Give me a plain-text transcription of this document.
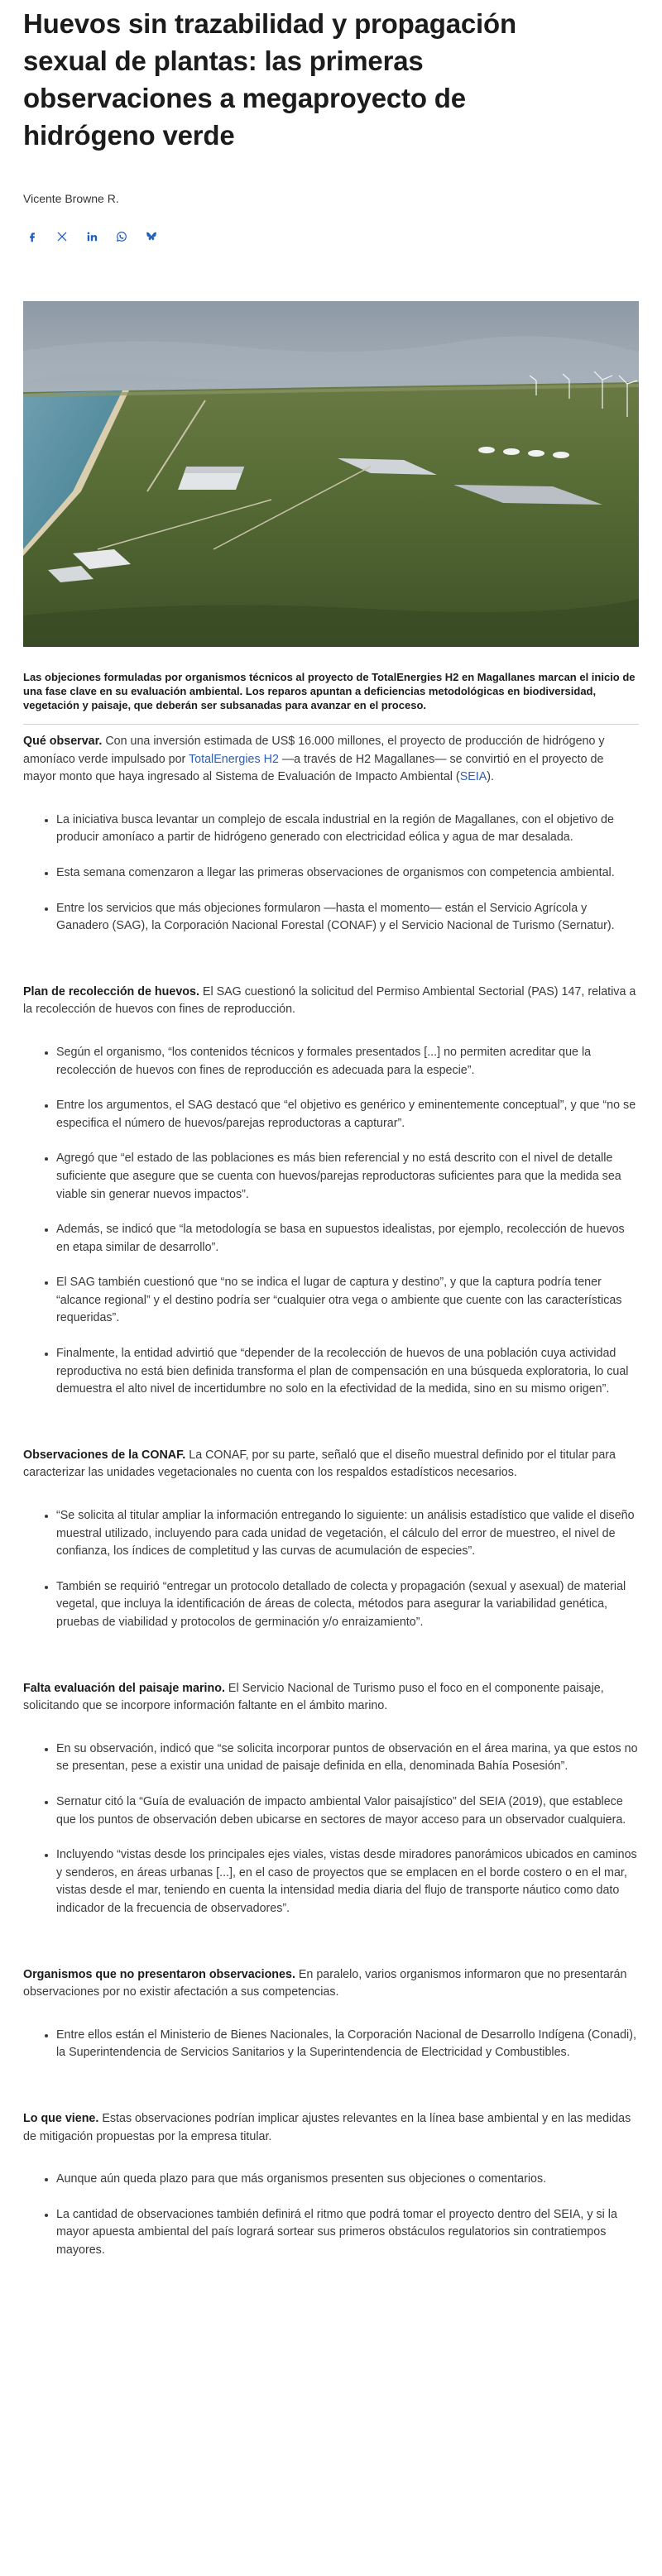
Huevos sin trazabilidad y propagación sexual de plantas: las primeras observaciones a megaproyecto de hidrógeno verde
Vicente Browne R.
Las objeciones formuladas por organismos técnicos al proyecto de TotalEnergies H2 en Magallanes marcan el inicio de una fase clave en su evaluación ambiental. Los reparos apuntan a deficiencias metodológicas en biodiversidad, vegetación y paisaje, que deberán ser subsanadas para avanzar en el proceso.

Qué observar. Con una inversión estimada de US$ 16.000 millones, el proyecto de producción de hidrógeno y amoníaco verde impulsado por TotalEnergies H2 —a través de H2 Magallanes— se convirtió en el proyecto de mayor monto que haya ingresado al Sistema de Evaluación de Impacto Ambiental (SEIA).

La iniciativa busca levantar un complejo de escala industrial en la región de Magallanes, con el objetivo de producir amoníaco a partir de hidrógeno generado con electricidad eólica y agua de mar desalada.
Esta semana comenzaron a llegar las primeras observaciones de organismos con competencia ambiental.
Entre los servicios que más objeciones formularon —hasta el momento— están el Servicio Agrícola y Ganadero (SAG), la Corporación Nacional Forestal (CONAF) y el Servicio Nacional de Turismo (Sernatur).

Plan de recolección de huevos. El SAG cuestionó la solicitud del Permiso Ambiental Sectorial (PAS) 147, relativa a la recolección de huevos con fines de reproducción.

Según el organismo, “los contenidos técnicos y formales presentados [...] no permiten acreditar que la recolección de huevos con fines de reproducción es adecuada para la especie”.
Entre los argumentos, el SAG destacó que “el objetivo es genérico y eminentemente conceptual”, y que “no se especifica el número de huevos/parejas reproductoras a capturar”.
Agregó que “el estado de las poblaciones es más bien referencial y no está descrito con el nivel de detalle suficiente que asegure que se cuenta con huevos/parejas reproductoras suficientes para que la medida sea viable sin generar nuevos impactos”.
Además, se indicó que “la metodología se basa en supuestos idealistas, por ejemplo, recolección de huevos en etapa similar de desarrollo”.
El SAG también cuestionó que “no se indica el lugar de captura y destino”, y que la captura podría tener “alcance regional” y el destino podría ser “cualquier otra vega o ambiente que cuente con las características requeridas”.
Finalmente, la entidad advirtió que “depender de la recolección de huevos de una población cuya actividad reproductiva no está bien definida transforma el plan de compensación en una búsqueda exploratoria, lo cual demuestra el alto nivel de incertidumbre no solo en la efectividad de la medida, sino en su mismo origen”.

Observaciones de la CONAF. La CONAF, por su parte, señaló que el diseño muestral definido por el titular para caracterizar las unidades vegetacionales no cuenta con los respaldos estadísticos necesarios.

“Se solicita al titular ampliar la información entregando lo siguiente: un análisis estadístico que valide el diseño muestral utilizado, incluyendo para cada unidad de vegetación, el cálculo del error de muestreo, el nivel de confianza, los índices de completitud y las curvas de acumulación de especies”.
También se requirió “entregar un protocolo detallado de colecta y propagación (sexual y asexual) de material vegetal, que incluya la identificación de áreas de colecta, métodos para asegurar la variabilidad genética, pruebas de viabilidad y protocolos de germinación y/o enraizamiento”.

Falta evaluación del paisaje marino. El Servicio Nacional de Turismo puso el foco en el componente paisaje, solicitando que se incorpore información faltante en el ámbito marino.

En su observación, indicó que “se solicita incorporar puntos de observación en el área marina, ya que estos no se presentan, pese a existir una unidad de paisaje definida en ella, denominada Bahía Posesión”.
Sernatur citó la “Guía de evaluación de impacto ambiental Valor paisajístico” del SEIA (2019), que establece que los puntos de observación deben ubicarse en sectores de mayor acceso para un observador cualquiera.
Incluyendo “vistas desde los principales ejes viales, vistas desde miradores panorámicos ubicados en caminos y senderos, en áreas urbanas [...], en el caso de proyectos que se emplacen en el borde costero o en el mar, vistas desde el mar, teniendo en cuenta la intensidad media diaria del flujo de transporte náutico como dato indicador de la frecuencia de observadores”.

Organismos que no presentaron observaciones. En paralelo, varios organismos informaron que no presentarán observaciones por no existir afectación a sus competencias.

Entre ellos están el Ministerio de Bienes Nacionales, la Corporación Nacional de Desarrollo Indígena (Conadi), la Superintendencia de Servicios Sanitarios y la Superintendencia de Electricidad y Combustibles.

Lo que viene. Estas observaciones podrían implicar ajustes relevantes en la línea base ambiental y en las medidas de mitigación propuestas por la empresa titular.

Aunque aún queda plazo para que más organismos presenten sus objeciones o comentarios.
La cantidad de observaciones también definirá el ritmo que podrá tomar el proyecto dentro del SEIA, y si la mayor apuesta ambiental del país logrará sortear sus primeros obstáculos regulatorios sin contratiempos mayores.
